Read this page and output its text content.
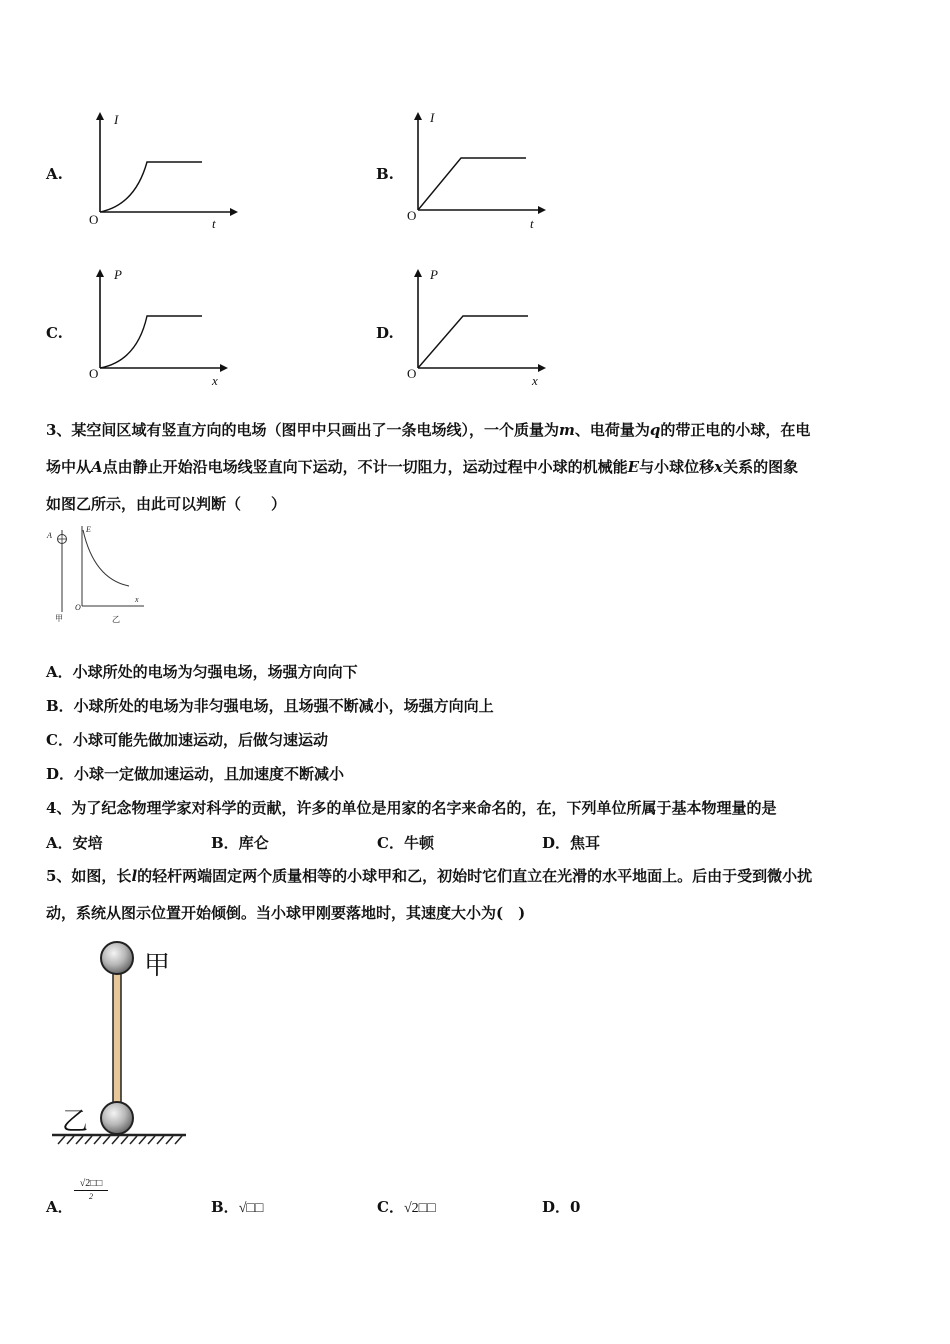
A.
I
t
O
B.
I
t
O
C.
P
x
O
D.
P
x
O
3、某空间区域有竖直方向的电场（图甲中只画出了一条电场线），一个质量为m、电荷量为q的带正电的小球，在电
场中从A点由静止开始沿电场线竖直向下运动，不计一切阻力，运动过程中小球的机械能E与小球位移x关系的图象
如图乙所示，由此可以判断（　　）
A
甲
E
O
x
乙
A．小球所处的电场为匀强电场，场强方向向下
B．小球所处的电场为非匀强电场，且场强不断减小，场强方向向上
C．小球可能先做加速运动，后做匀速运动
D．小球一定做加速运动，且加速度不断减小
4、为了纪念物理学家对科学的贡献，许多的单位是用家的名字来命名的，在，下列单位所属于基本物理量的是
A．安培	B．库仑	C．牛顿	D．焦耳
5、如图，长l的轻杆两端固定两个质量相等的小球甲和乙，初始时它们直立在光滑的水平地面上。后由于受到微小扰
动，系统从图示位置开始倾倒。当小球甲刚要落地时，其速度大小为(　)
甲
乙
A．
√2□□
2
B．√□□	C．√2□□	D．0
